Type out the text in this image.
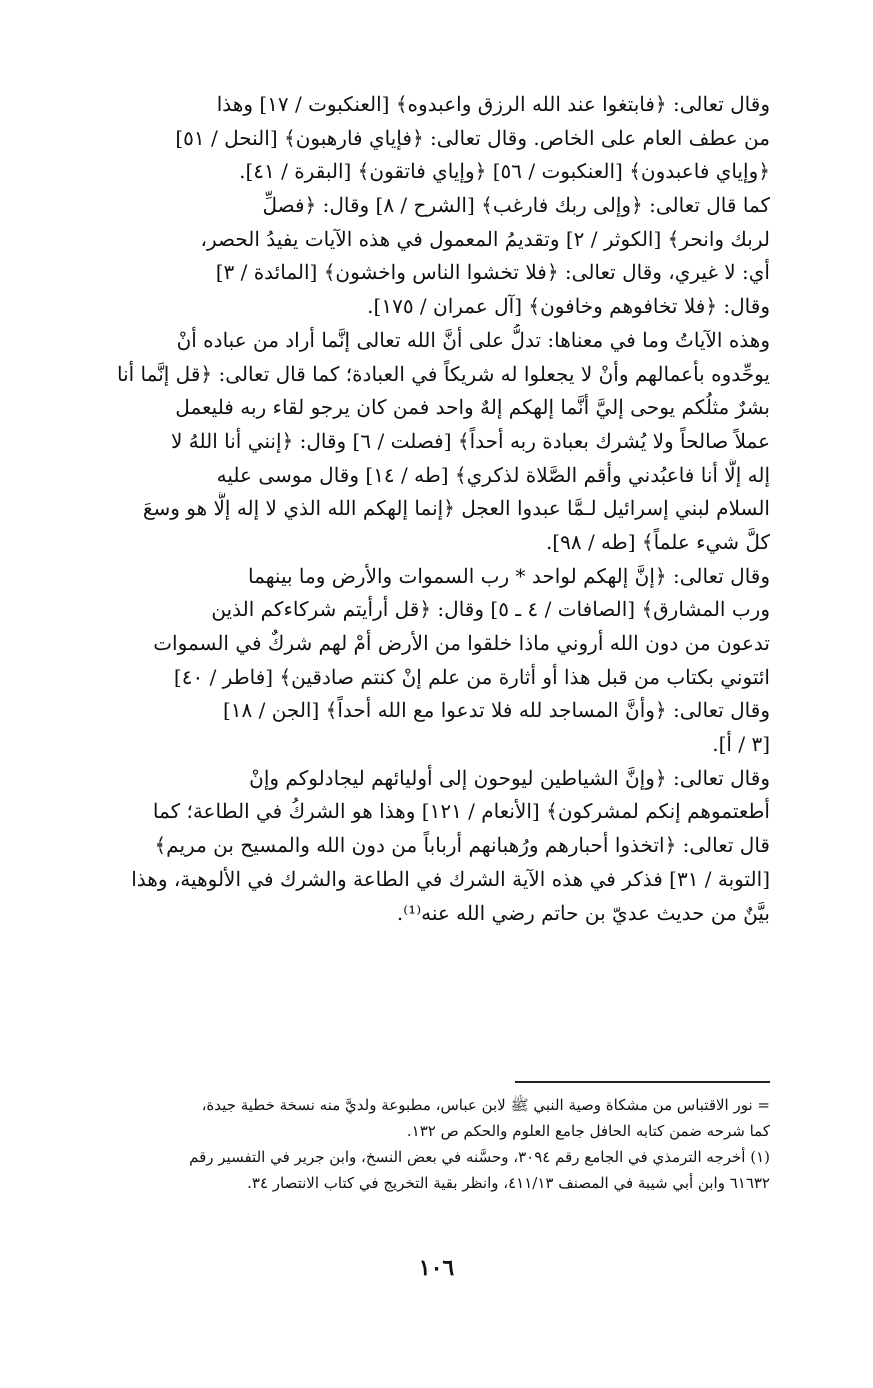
وقال تعالى: ﴿فابتغوا عند الله الرزق واعبدوه﴾ [العنكبوت / ١٧] وهذا
من عطف العام على الخاص. وقال تعالى: ﴿فإياي فارهبون﴾ [النحل / ٥١]
﴿وإياي فاعبدون﴾ [العنكبوت / ٥٦] ﴿وإياي فاتقون﴾ [البقرة / ٤١].
كما قال تعالى: ﴿وإلى ربك فارغب﴾ [الشرح / ٨] وقال: ﴿فصلِّ
لربك وانحر﴾ [الكوثر / ٢] وتقديمُ المعمول في هذه الآيات يفيدُ الحصر،
أي: لا غيري، وقال تعالى: ﴿فلا تخشوا الناس واخشون﴾ [المائدة / ٣]
وقال: ﴿فلا تخافوهم وخافون﴾ [آل عمران / ١٧٥].
وهذه الآياتُ وما في معناها: تدلُّ على أنَّ الله تعالى إنَّما أراد من عباده أنْ
يوحِّدوه بأعمالهم وأنْ لا يجعلوا له شريكاً في العبادة؛ كما قال تعالى: ﴿قل إنَّما أنا
بشرٌ مثلُكم يوحى إليَّ أنَّما إلهكم إلهٌ واحد فمن كان يرجو لقاء ربه فليعمل
عملاً صالحاً ولا يُشرك بعبادة ربه أحداً﴾ [فصلت / ٦] وقال: ﴿إنني أنا اللهُ لا
إله إلَّا أنا فاعبُدني وأقم الصَّلاة لذكري﴾ [طه / ١٤] وقال موسى عليه
السلام لبني إسرائيل لـمَّا عبدوا العجل ﴿إنما إلهكم الله الذي لا إله إلَّا هو وسعَ
كلَّ شيء علماً﴾ [طه / ٩٨].
وقال تعالى: ﴿إنَّ إلهكم لواحد * رب السموات والأرض وما بينهما
ورب المشارق﴾ [الصافات / ٤ ـ ٥] وقال: ﴿قل أرأيتم شركاءكم الذين
تدعون من دون الله أروني ماذا خلقوا من الأرض أمْ لهم شركٌ في السموات
ائتوني بكتاب من قبل هذا أو أثارة من علم إنْ كنتم صادقين﴾ [فاطر / ٤٠]
وقال تعالى: ﴿وأنَّ المساجد لله فلا تدعوا مع الله أحداً﴾ [الجن / ١٨]
[٣ / أ].
وقال تعالى: ﴿وإنَّ الشياطين ليوحون إلى أوليائهم ليجادلوكم وإنْ
أطعتموهم إنكم لمشركون﴾ [الأنعام / ١٢١] وهذا هو الشركُ في الطاعة؛ كما
قال تعالى: ﴿اتخذوا أحبارهم ورُهبانهم أرباباً من دون الله والمسيح بن مريم﴾
[التوبة / ٣١] فذكر في هذه الآية الشرك في الطاعة والشرك في الألوهية، وهذا
بيَّنٌ من حديث عديّ بن حاتم رضي الله عنه⁽¹⁾.
= نور الاقتباس من مشكاة وصية النبي ﷺ لابن عباس، مطبوعة ولديَّ منه نسخة خطية جيدة،
كما شرحه ضمن كتابه الحافل جامع العلوم والحكم ص ١٣٢.
(١) أخرجه الترمذي في الجامع رقم ٣٠٩٤، وحسَّنه في بعض النسخ، وابن جرير في التفسير رقم
٦١٦٣٢ وابن أبي شيبة في المصنف ٤١١/١٣، وانظر بقية التخريج في كتاب الانتصار ٣٤.
١٠٦
